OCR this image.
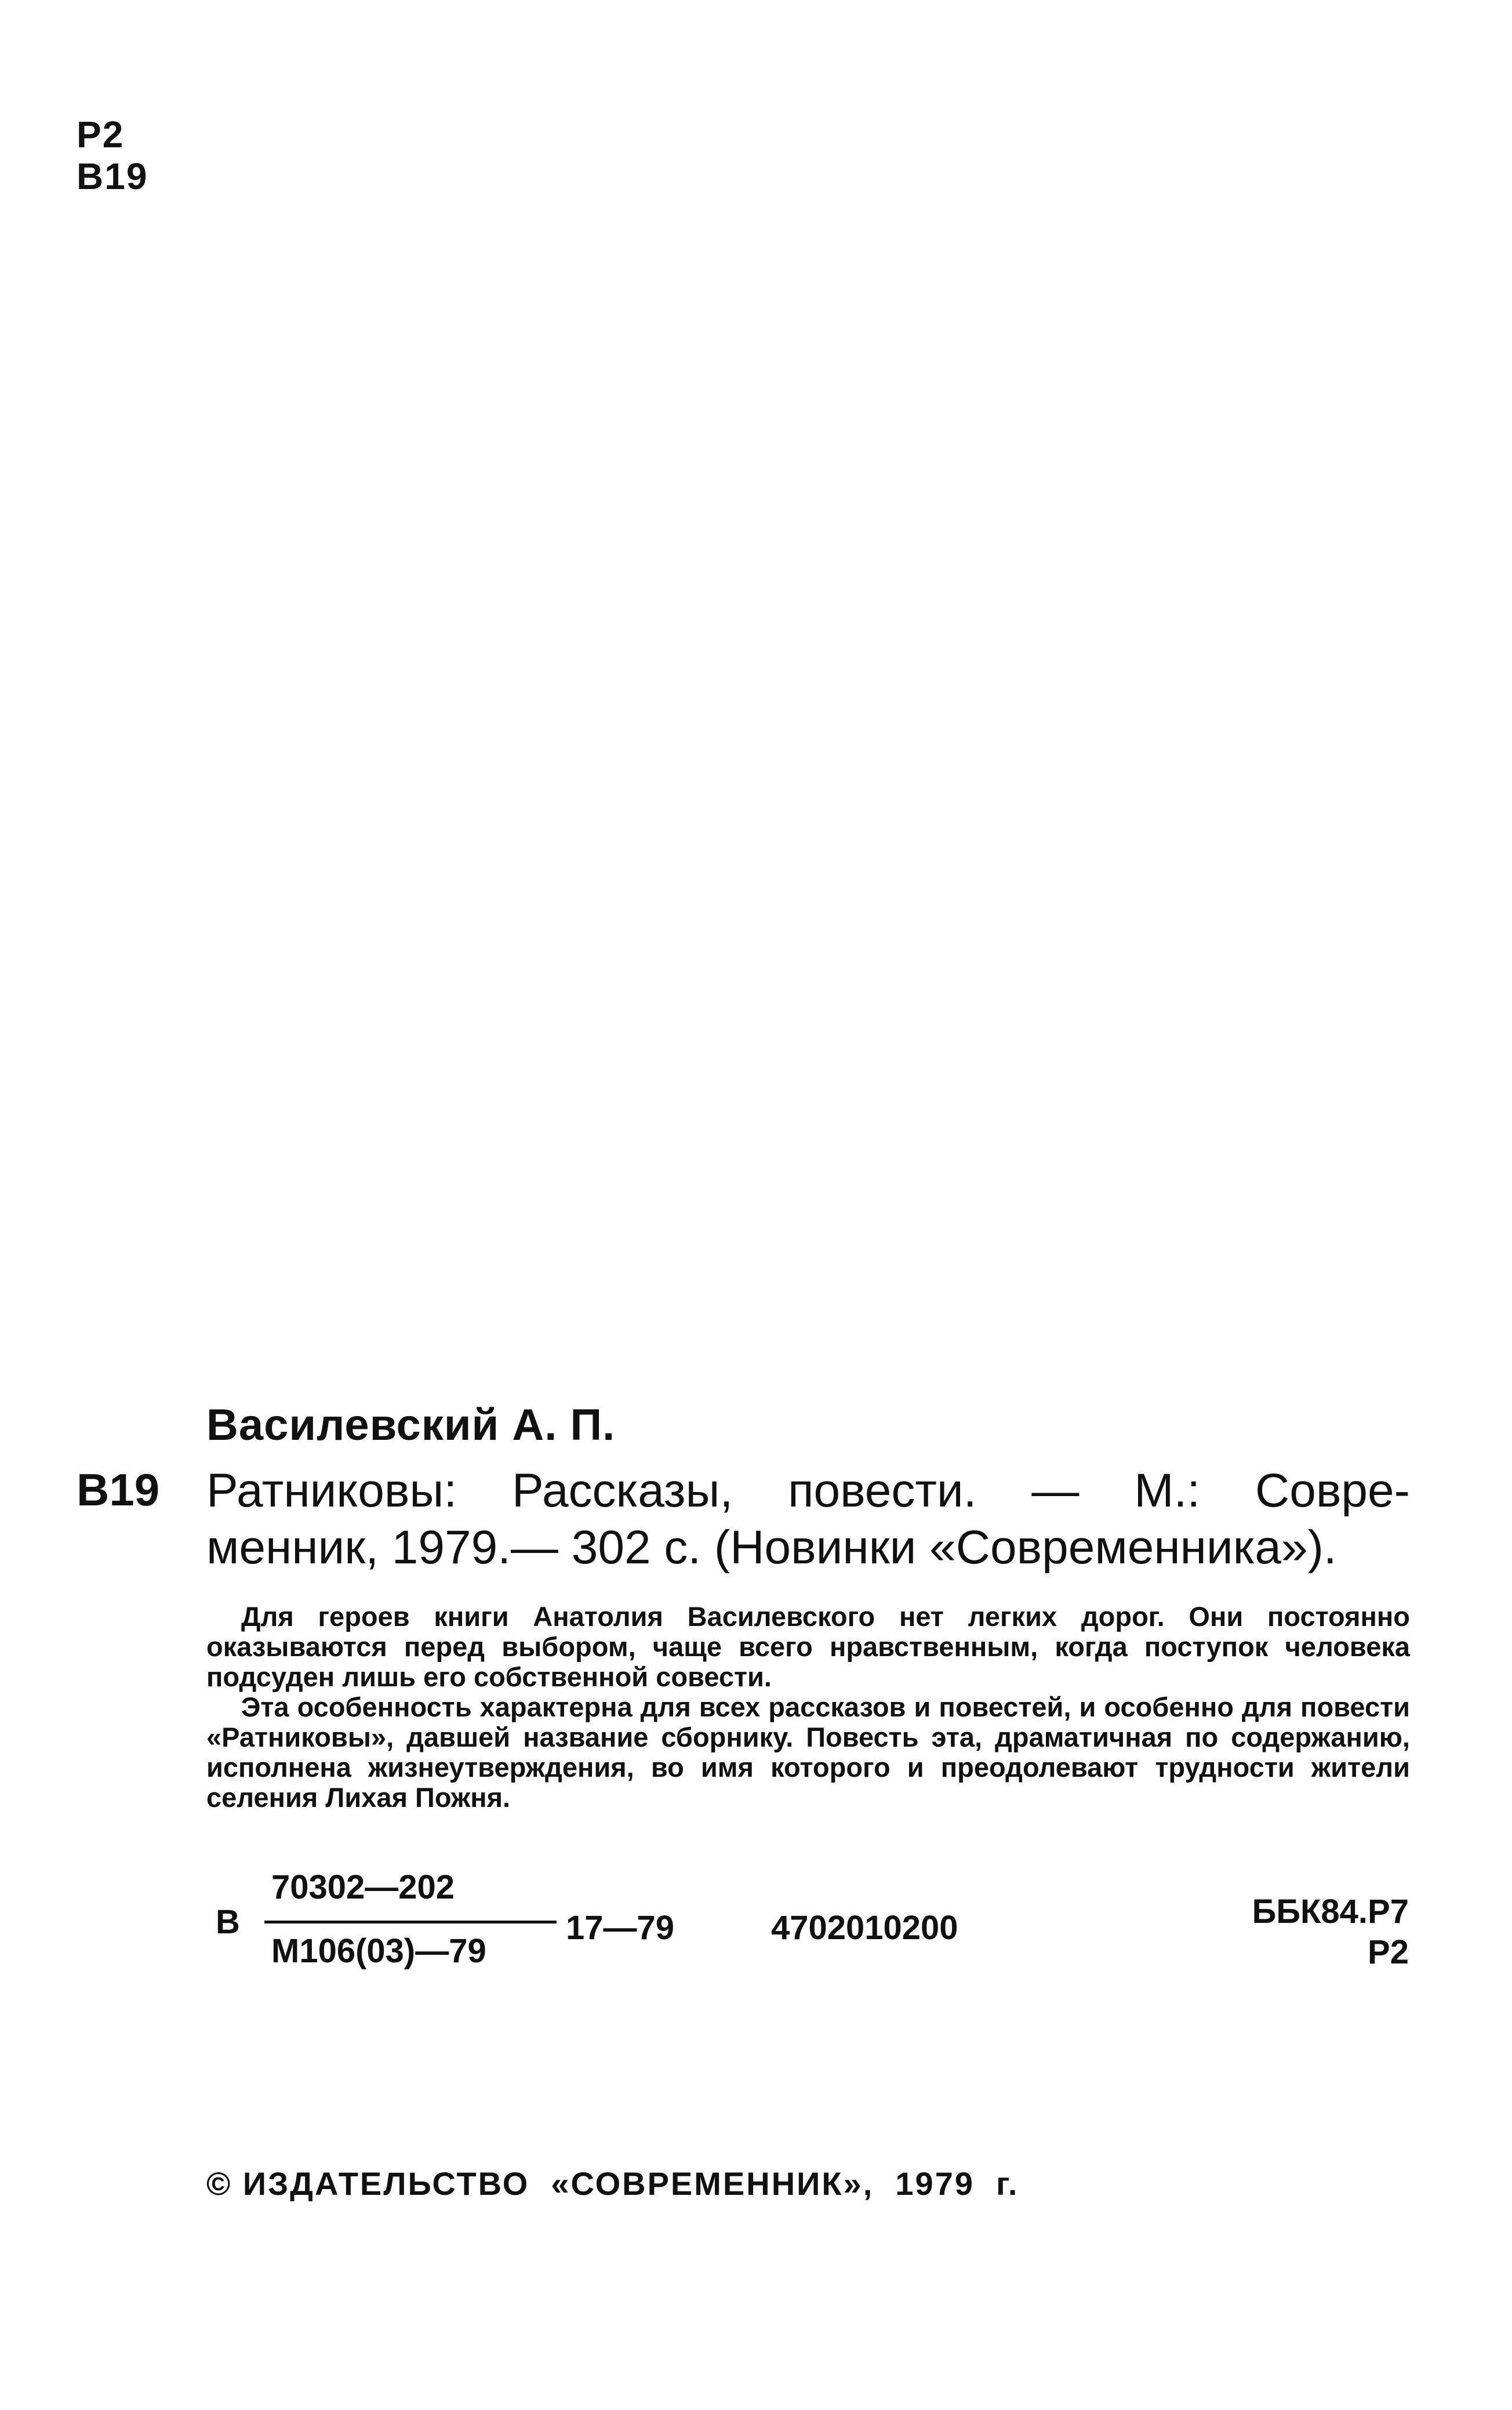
Р2
В19
Василевский А. П.
В19 Ратниковы: Рассказы, повести. — М.: Совре-
менник, 1979.— 302 с. (Новинки «Современника»).

Для героев книги Анатолия Василевского нет легких дорог. Они постоянно оказываются перед выбором, чаще всего нравственным, когда поступок человека подсуден лишь его собственной совести.

Эта особенность характерна для всех рассказов и повестей, и особенно для повести «Ратниковы», давшей название сборнику. Повесть эта, драматичная по содержанию, исполнена жизнеутверждения, во имя которого и преодолевают трудности жители селения Лихая Пожня.

В
70302—202
М106(03)—79
17—79	4702010200	ББК84.Р7
Р2
© ИЗДАТЕЛЬСТВО  «СОВРЕМЕННИК»,  1979  г.
